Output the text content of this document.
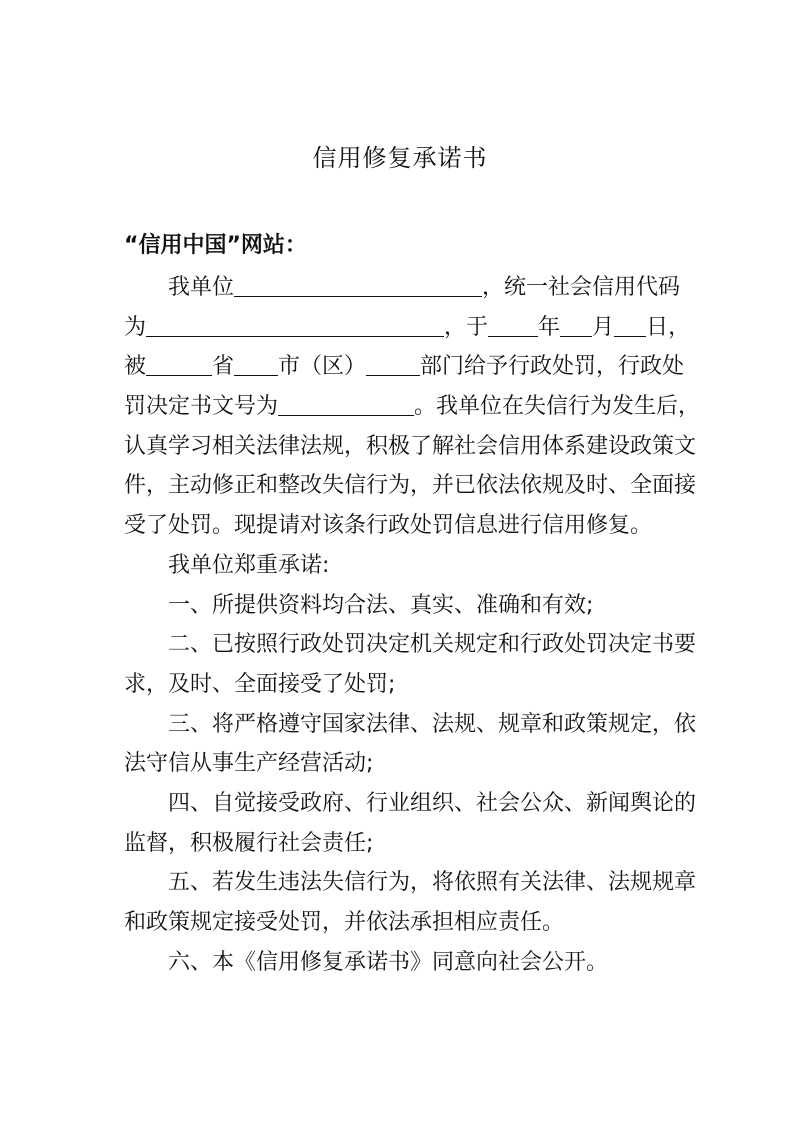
信用修复承诺书
“信用中国”网站：
我单位	，统一社会信用代码
为	，于 年 月 日，
被	省 市（区） 部门给予行政处罚，行政处
罚决定书文号为	。我单位在失信行为发生后，
认真学习相关法律法规，积极了解社会信用体系建设政策文
件，主动修正和整改失信行为，并已依法依规及时、全面接
受了处罚。现提请对该条行政处罚信息进行信用修复。
我单位郑重承诺:
一、所提供资料均合法、真实、准确和有效;
二、已按照行政处罚决定机关规定和行政处罚决定书要
求，及时、全面接受了处罚;
三、将严格遵守国家法律、法规、规章和政策规定，依
法守信从事生产经营活动;
四、自觉接受政府、行业组织、社会公众、新闻舆论的
监督，积极履行社会责任;
五、若发生违法失信行为，将依照有关法律、法规规章
和政策规定接受处罚，并依法承担相应责任。
六、本《信用修复承诺书》同意向社会公开。
